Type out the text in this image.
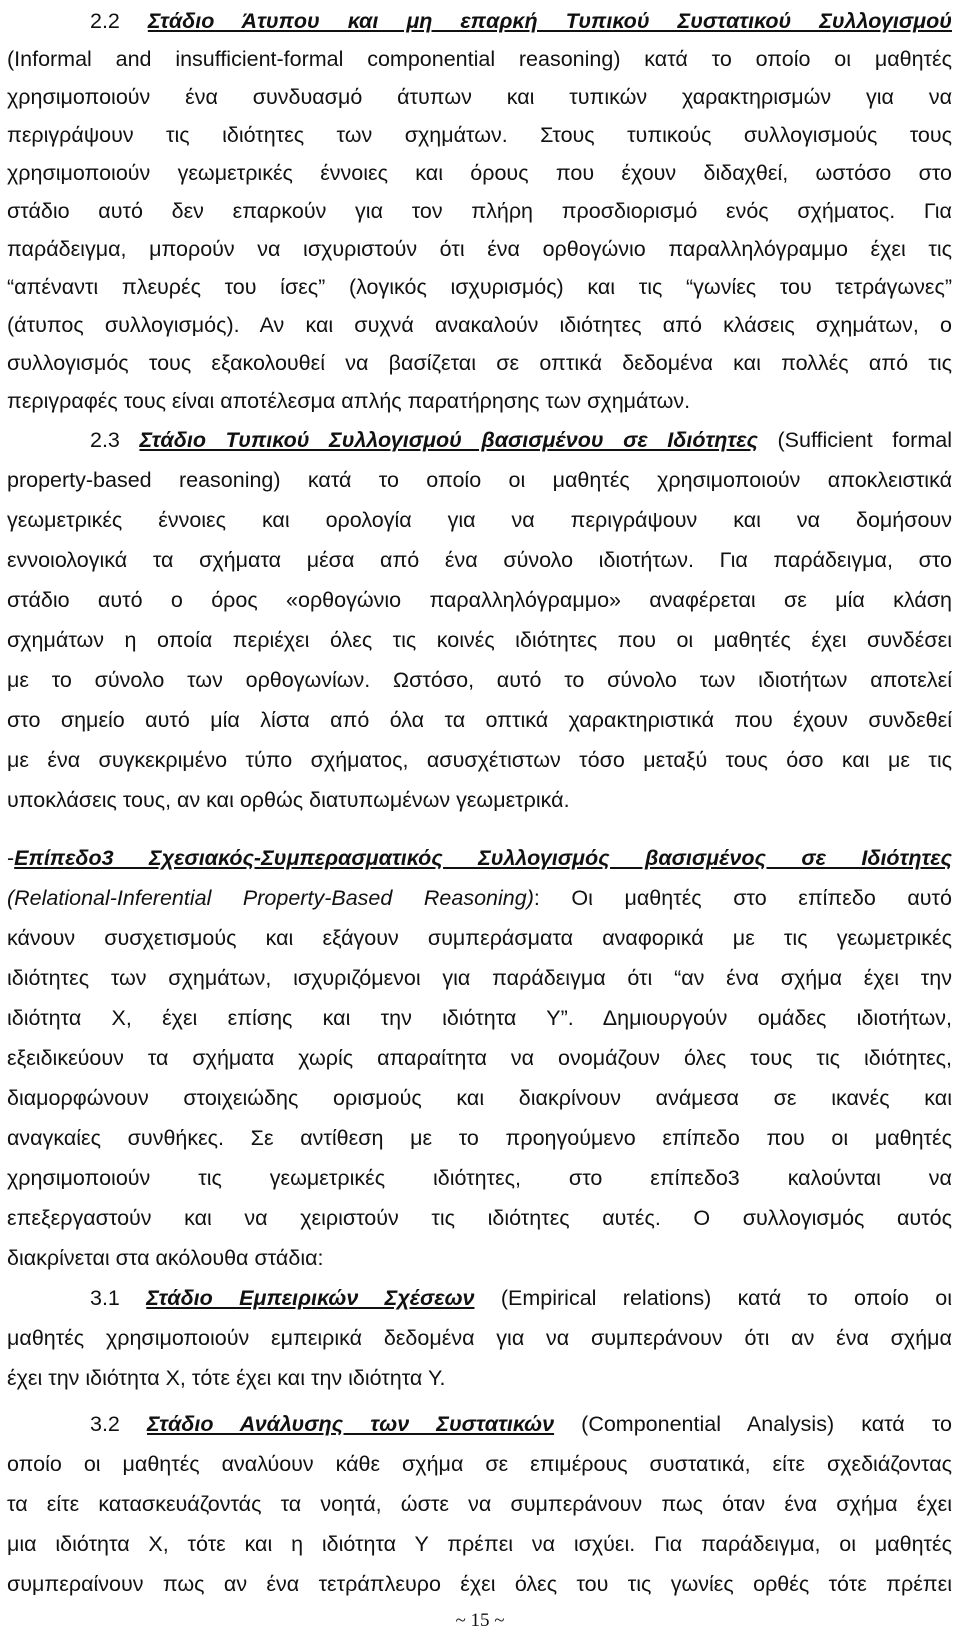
2.2 Στάδιο Άτυπου και μη επαρκή Τυπικού Συστατικού Συλλογισμού
(Informal and insufficient-formal componential reasoning) κατά το οποίο οι μαθητές
χρησιμοποιούν ένα συνδυασμό άτυπων και τυπικών χαρακτηρισμών για να
περιγράψουν τις ιδιότητες των σχημάτων. Στους τυπικούς συλλογισμούς τους
χρησιμοποιούν γεωμετρικές έννοιες και όρους που έχουν διδαχθεί, ωστόσο στο
στάδιο αυτό δεν επαρκούν για τον πλήρη προσδιορισμό ενός σχήματος. Για
παράδειγμα, μπορούν να ισχυριστούν ότι ένα ορθογώνιο παραλληλόγραμμο έχει τις
“απέναντι πλευρές του ίσες” (λογικός ισχυρισμός) και τις “γωνίες του τετράγωνες”
(άτυπος συλλογισμός). Αν και συχνά ανακαλούν ιδιότητες από κλάσεις σχημάτων, ο
συλλογισμός τους εξακολουθεί να βασίζεται σε οπτικά δεδομένα και πολλές από τις
περιγραφές τους είναι αποτέλεσμα απλής παρατήρησης των σχημάτων.
2.3 Στάδιο Τυπικού Συλλογισμού βασισμένου σε Ιδιότητες (Sufficient formal
property-based reasoning) κατά το οποίο οι μαθητές χρησιμοποιούν αποκλειστικά
γεωμετρικές έννοιες και ορολογία για να περιγράψουν και να δομήσουν
εννοιολογικά τα σχήματα μέσα από ένα σύνολο ιδιοτήτων. Για παράδειγμα, στο
στάδιο αυτό ο όρος «ορθογώνιο παραλληλόγραμμο» αναφέρεται σε μία κλάση
σχημάτων η οποία περιέχει όλες τις κοινές ιδιότητες που οι μαθητές έχει συνδέσει
με το σύνολο των ορθογωνίων. Ωστόσο, αυτό το σύνολο των ιδιοτήτων αποτελεί
στο σημείο αυτό μία λίστα από όλα τα οπτικά χαρακτηριστικά που έχουν συνδεθεί
με ένα συγκεκριμένο τύπο σχήματος, ασυσχέτιστων τόσο μεταξύ τους όσο και με τις
υποκλάσεις τους, αν και ορθώς διατυπωμένων γεωμετρικά.
-Επίπεδο3 Σχεσιακός-Συμπερασματικός Συλλογισμός βασισμένος σε Ιδιότητες
(Relational-Inferential Property-Based Reasoning): Οι μαθητές στο επίπεδο αυτό
κάνουν συσχετισμούς και εξάγουν συμπεράσματα αναφορικά με τις γεωμετρικές
ιδιότητες των σχημάτων, ισχυριζόμενοι για παράδειγμα ότι “αν ένα σχήμα έχει την
ιδιότητα Χ, έχει επίσης και την ιδιότητα Υ”. Δημιουργούν ομάδες ιδιοτήτων,
εξειδικεύουν τα σχήματα χωρίς απαραίτητα να ονομάζουν όλες τους τις ιδιότητες,
διαμορφώνουν στοιχειώδης ορισμούς και διακρίνουν ανάμεσα σε ικανές και
αναγκαίες συνθήκες. Σε αντίθεση με το προηγούμενο επίπεδο που οι μαθητές
χρησιμοποιούν τις γεωμετρικές ιδιότητες, στο επίπεδο3 καλούνται να
επεξεργαστούν και να χειριστούν τις ιδιότητες αυτές. Ο συλλογισμός αυτός
διακρίνεται στα ακόλουθα στάδια:
3.1 Στάδιο Εμπειρικών Σχέσεων (Empirical relations) κατά το οποίο οι
μαθητές χρησιμοποιούν εμπειρικά δεδομένα για να συμπεράνουν ότι αν ένα σχήμα
έχει την ιδιότητα Χ, τότε έχει και την ιδιότητα Υ.
3.2 Στάδιο Ανάλυσης των Συστατικών (Componential Analysis) κατά το
οποίο οι μαθητές αναλύουν κάθε σχήμα σε επιμέρους συστατικά, είτε σχεδιάζοντας
τα είτε κατασκευάζοντάς τα νοητά, ώστε να συμπεράνουν πως όταν ένα σχήμα έχει
μια ιδιότητα Χ, τότε και η ιδιότητα Υ πρέπει να ισχύει. Για παράδειγμα, οι μαθητές
συμπεραίνουν πως αν ένα τετράπλευρο έχει όλες του τις γωνίες ορθές τότε πρέπει
~ 15 ~
